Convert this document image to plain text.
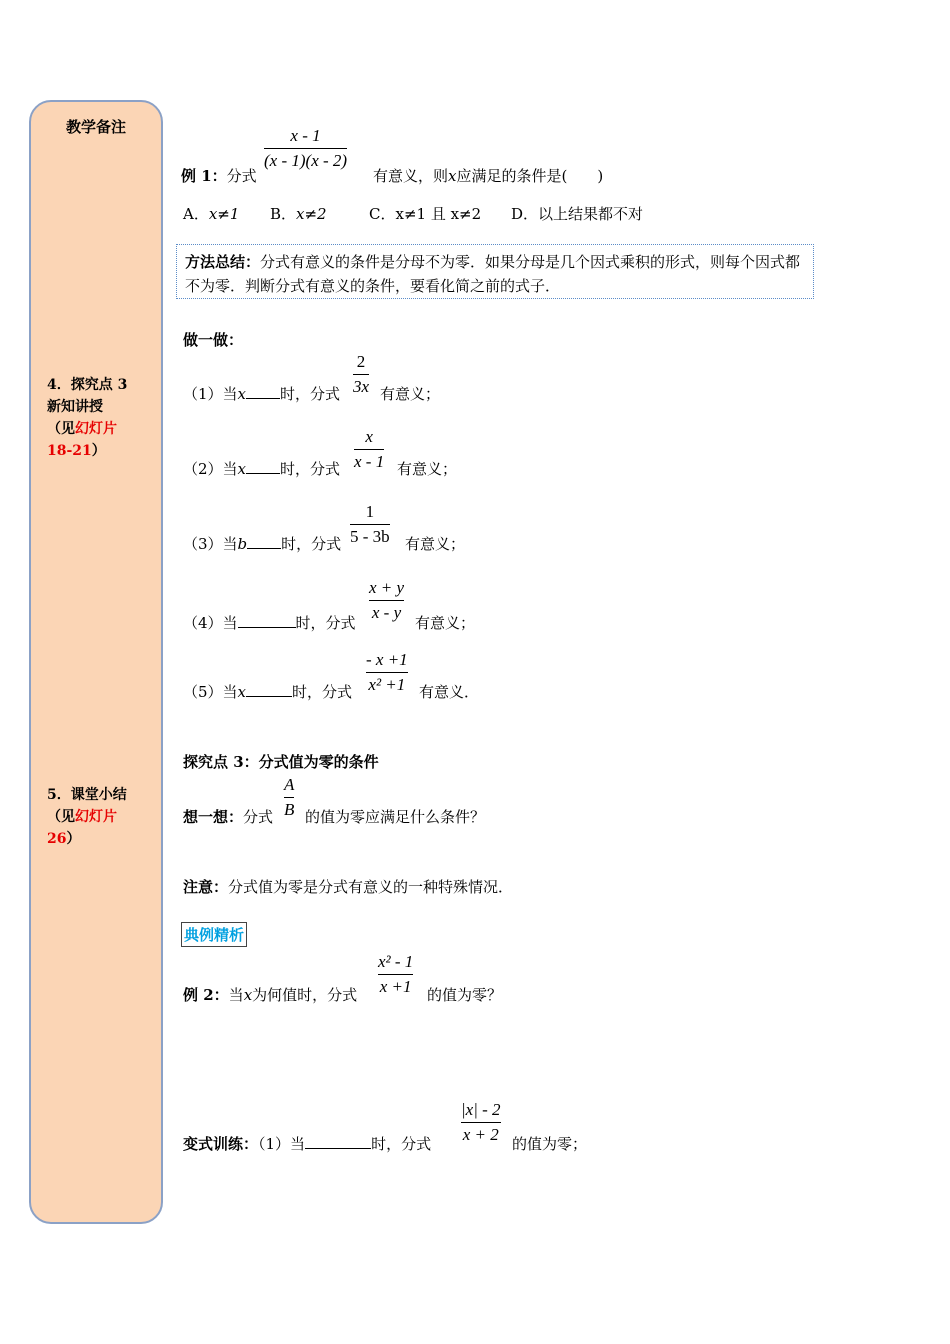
教学备注
4．探究点 3
新知讲授
（见幻灯片
18-21）
5．课堂小结
（见幻灯片
26）
例 1：分式
x - 1
(x - 1)(x - 2)
有意义，则x应满足的条件是(　　)
A．x≠1 B．x≠2	C．x≠1 且 x≠2 D．以上结果都不对
方法总结：分式有意义的条件是分母不为零．如果分母是几个因式乘积的形式，则每个因式都不为零．判断分式有意义的条件，要看化简之前的式子．
做一做：
（1）当x 时，分式
2
3x 有意义；
（2）当x 时，分式
x
x - 1 有意义；
（3）当b 时，分式
1
5 - 3b 有意义；
（4）当	时，分式
x + y
x - y
有意义；
（5）当x	时，分式
- x +1
x² +1 有意义．
探究点 3：分式值为零的条件
想一想：分式
A
B 的值为零应满足什么条件？
注意：分式值为零是分式有意义的一种特殊情况．
典例精析
例 2：当x为何值时，分式
x² - 1
x +1 的值为零？
变式训练：（1）当	时，分式
|x| - 2
x + 2 的值为零；
